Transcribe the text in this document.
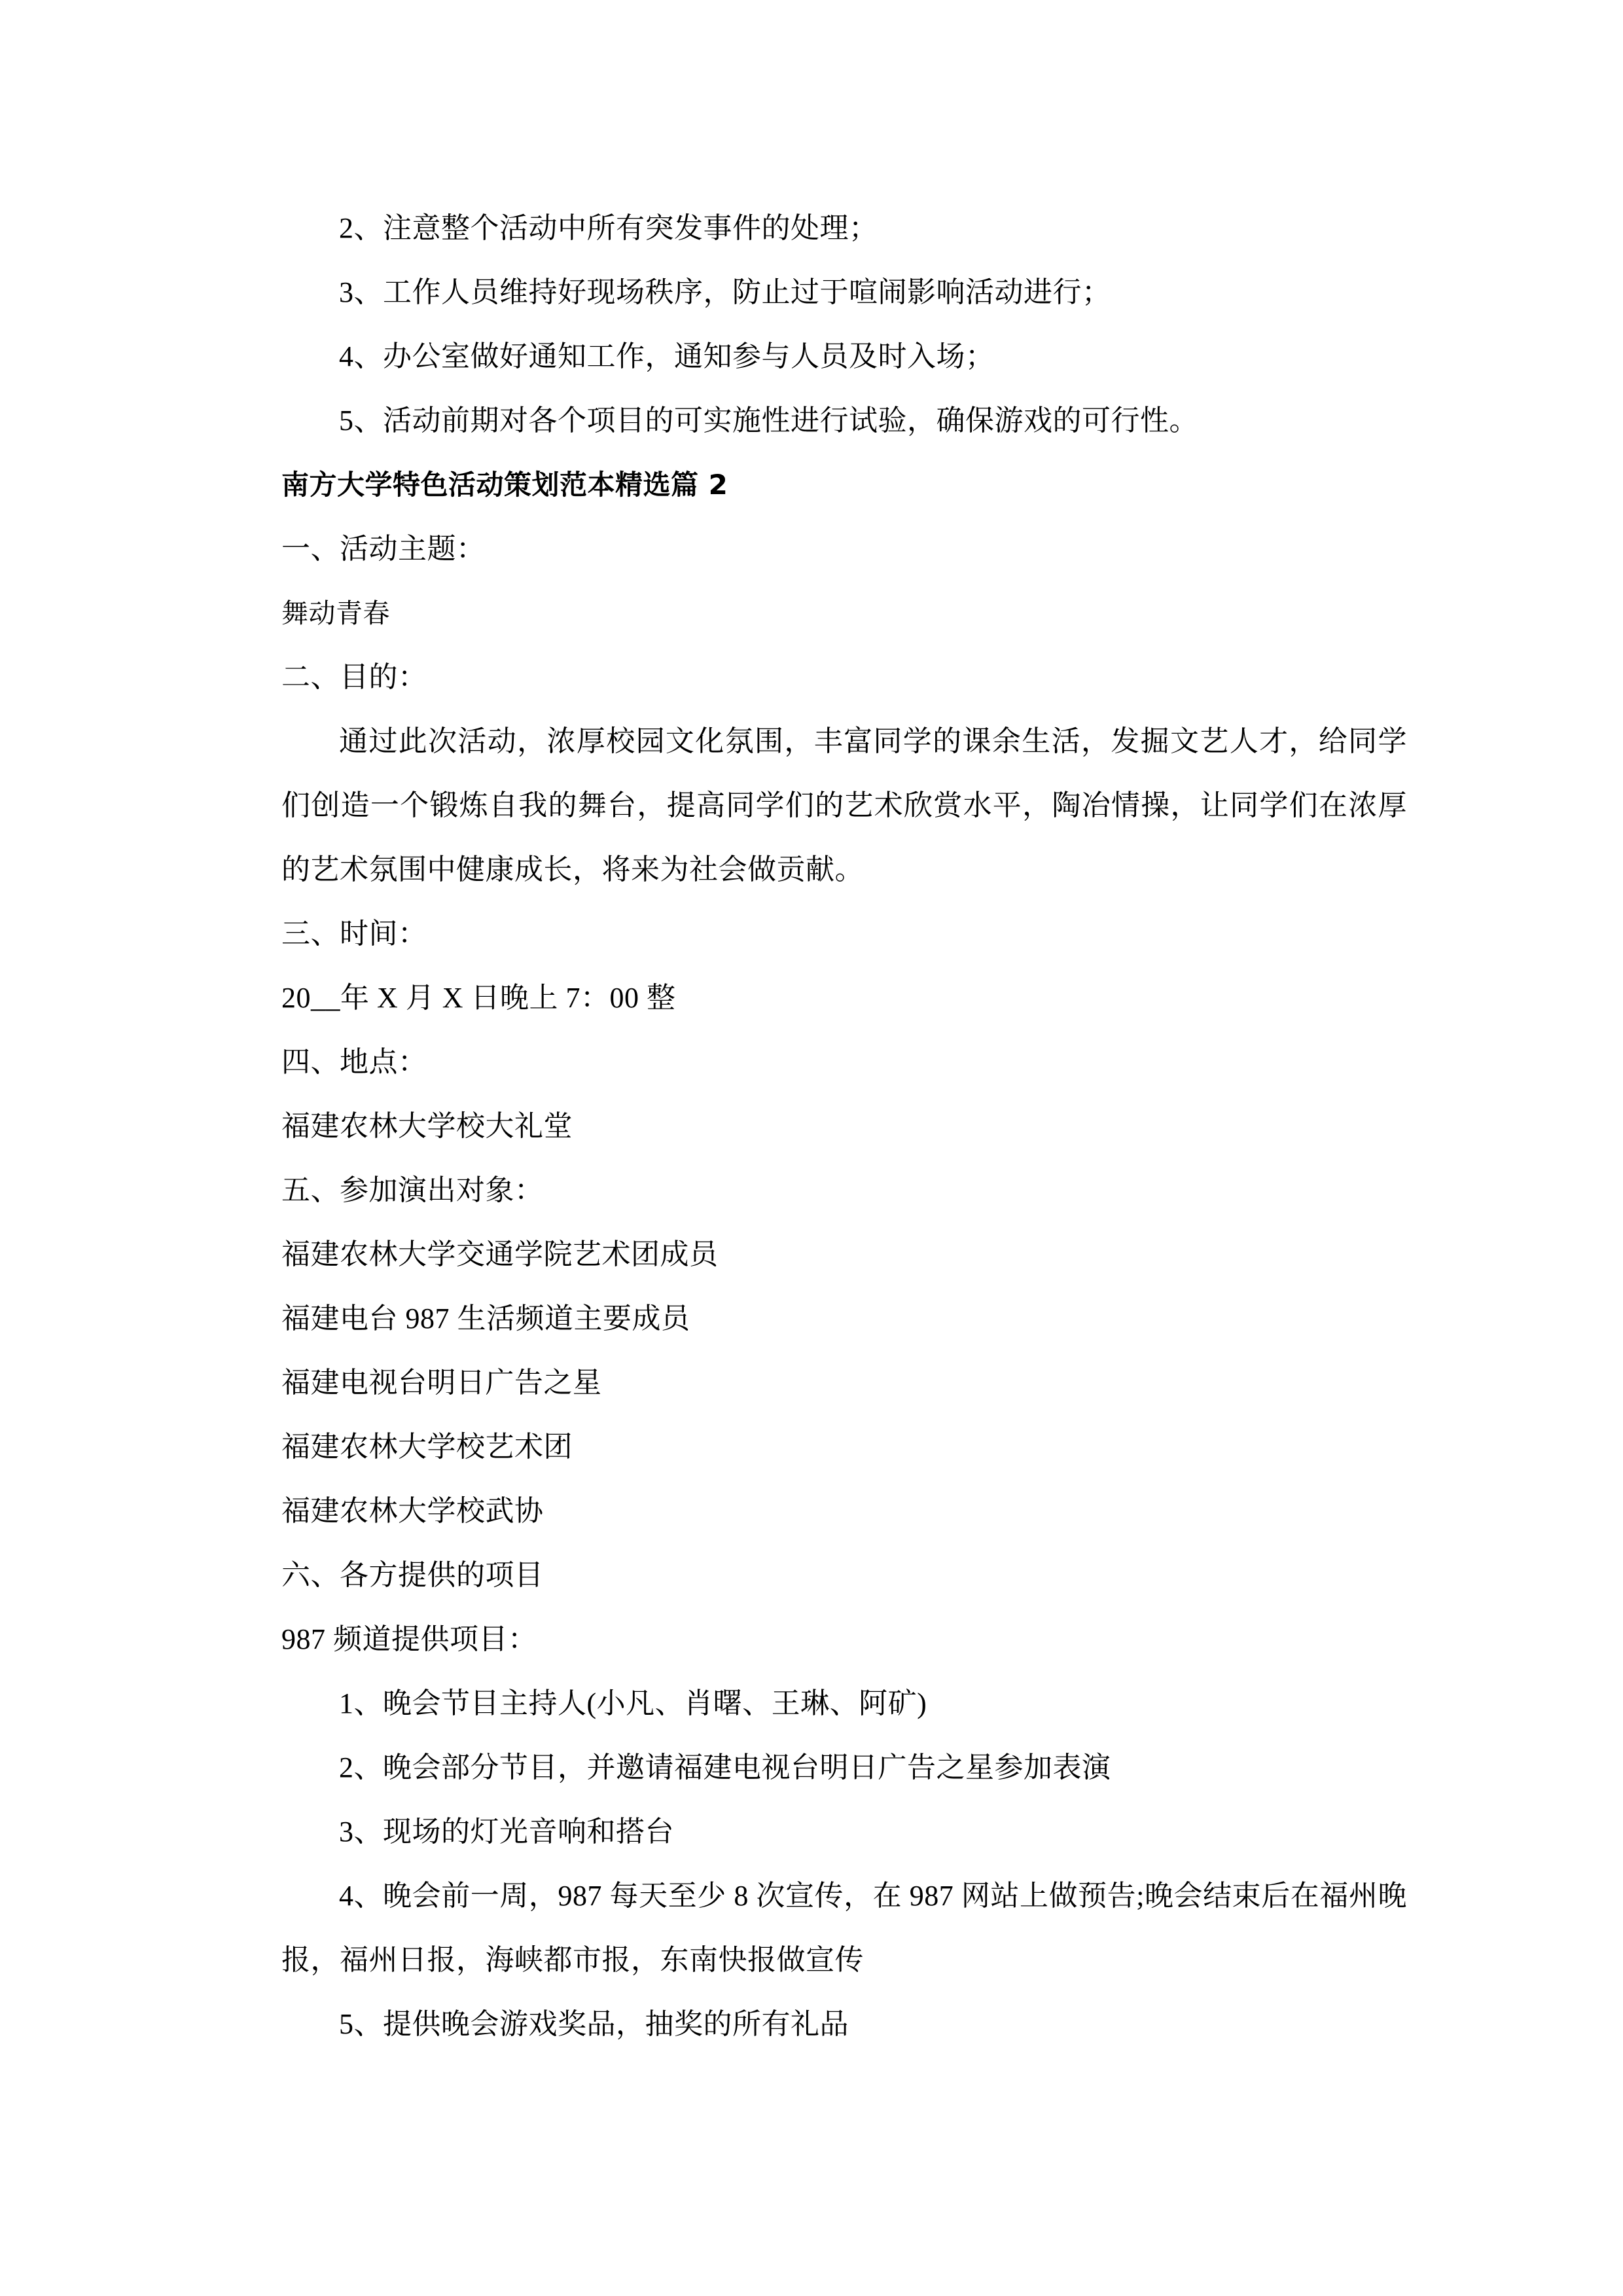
2、注意整个活动中所有突发事件的处理；

3、工作人员维持好现场秩序，防止过于喧闹影响活动进行；

4、办公室做好通知工作，通知参与人员及时入场；

5、活动前期对各个项目的可实施性进行试验，确保游戏的可行性。

南方大学特色活动策划范本精选篇 2

一、活动主题：

舞动青春

二、目的：

通过此次活动，浓厚校园文化氛围，丰富同学的课余生活，发掘文艺人才，给同学们创造一个锻炼自我的舞台，提高同学们的艺术欣赏水平，陶冶情操，让同学们在浓厚的艺术氛围中健康成长，将来为社会做贡献。

三、时间：

20__年 X 月 X 日晚上 7：00 整

四、地点：

福建农林大学校大礼堂

五、参加演出对象：

福建农林大学交通学院艺术团成员

福建电台 987 生活频道主要成员

福建电视台明日广告之星

福建农林大学校艺术团

福建农林大学校武协

六、各方提供的项目

987 频道提供项目：

1、晚会节目主持人(小凡、肖曙、王琳、阿矿)

2、晚会部分节目，并邀请福建电视台明日广告之星参加表演

3、现场的灯光音响和搭台

4、晚会前一周，987 每天至少 8 次宣传，在 987 网站上做预告;晚会结束后在福州晚报，福州日报，海峡都市报，东南快报做宣传

5、提供晚会游戏奖品，抽奖的所有礼品
